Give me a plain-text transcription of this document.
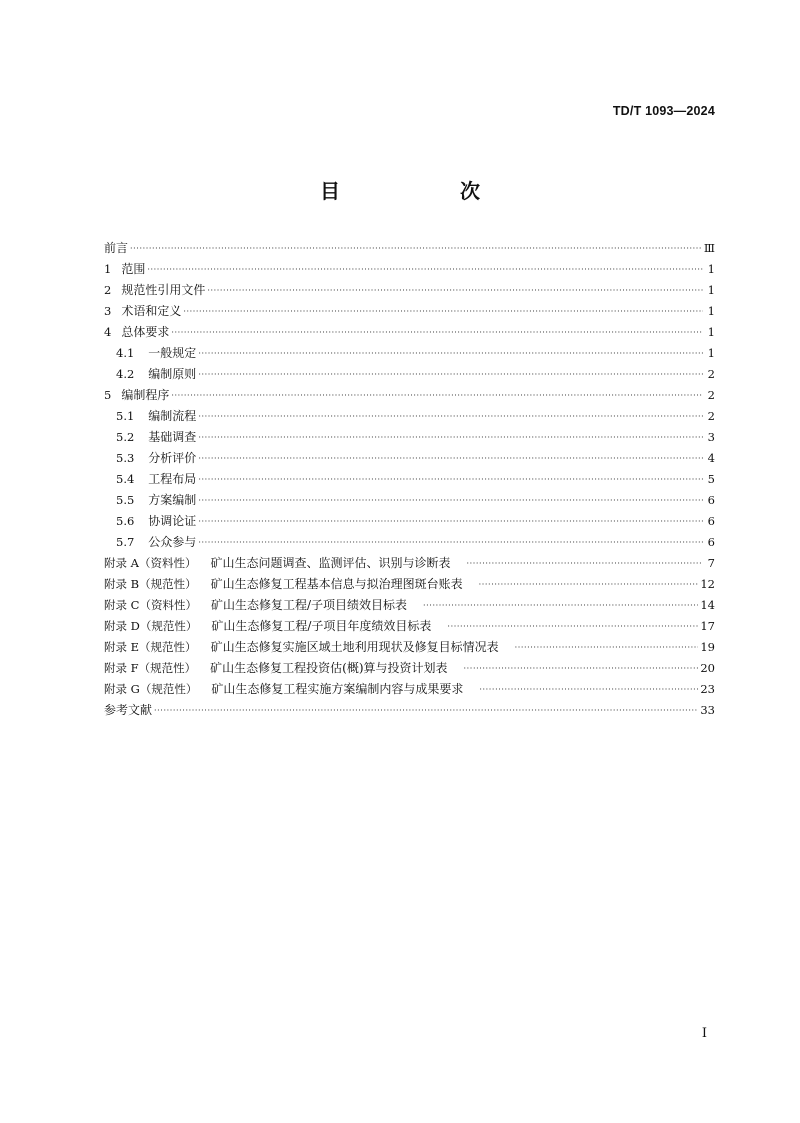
TD/T 1093—2024
目　次
前言 ·····	Ⅲ
1 范围 ·····	1
2 规范性引用文件 ·····	1
3 术语和定义 ·····	1
4 总体要求 ·····	1
4.1 一般规定 ·····	1
4.2 编制原则 ·····	2
5 编制程序 ·····	2
5.1 编制流程 ·····	2
5.2 基础调查 ·····	3
5.3 分析评价 ·····	4
5.4 工程布局 ·····	5
5.5 方案编制 ·····	6
5.6 协调论证 ·····	6
5.7 公众参与 ·····	6
附录 A（资料性） 矿山生态问题调查、监测评估、识别与诊断表 ·····	7
附录 B（规范性） 矿山生态修复工程基本信息与拟治理图斑台账表 ·····	12
附录 C（资料性） 矿山生态修复工程/子项目绩效目标表 ·····	14
附录 D（规范性） 矿山生态修复工程/子项目年度绩效目标表 ·····	17
附录 E（规范性） 矿山生态修复实施区域土地利用现状及修复目标情况表 ·····	19
附录 F（规范性） 矿山生态修复工程投资估(概)算与投资计划表 ·····	20
附录 G（规范性） 矿山生态修复工程实施方案编制内容与成果要求 ·····	23
参考文献 ·····	33
I
